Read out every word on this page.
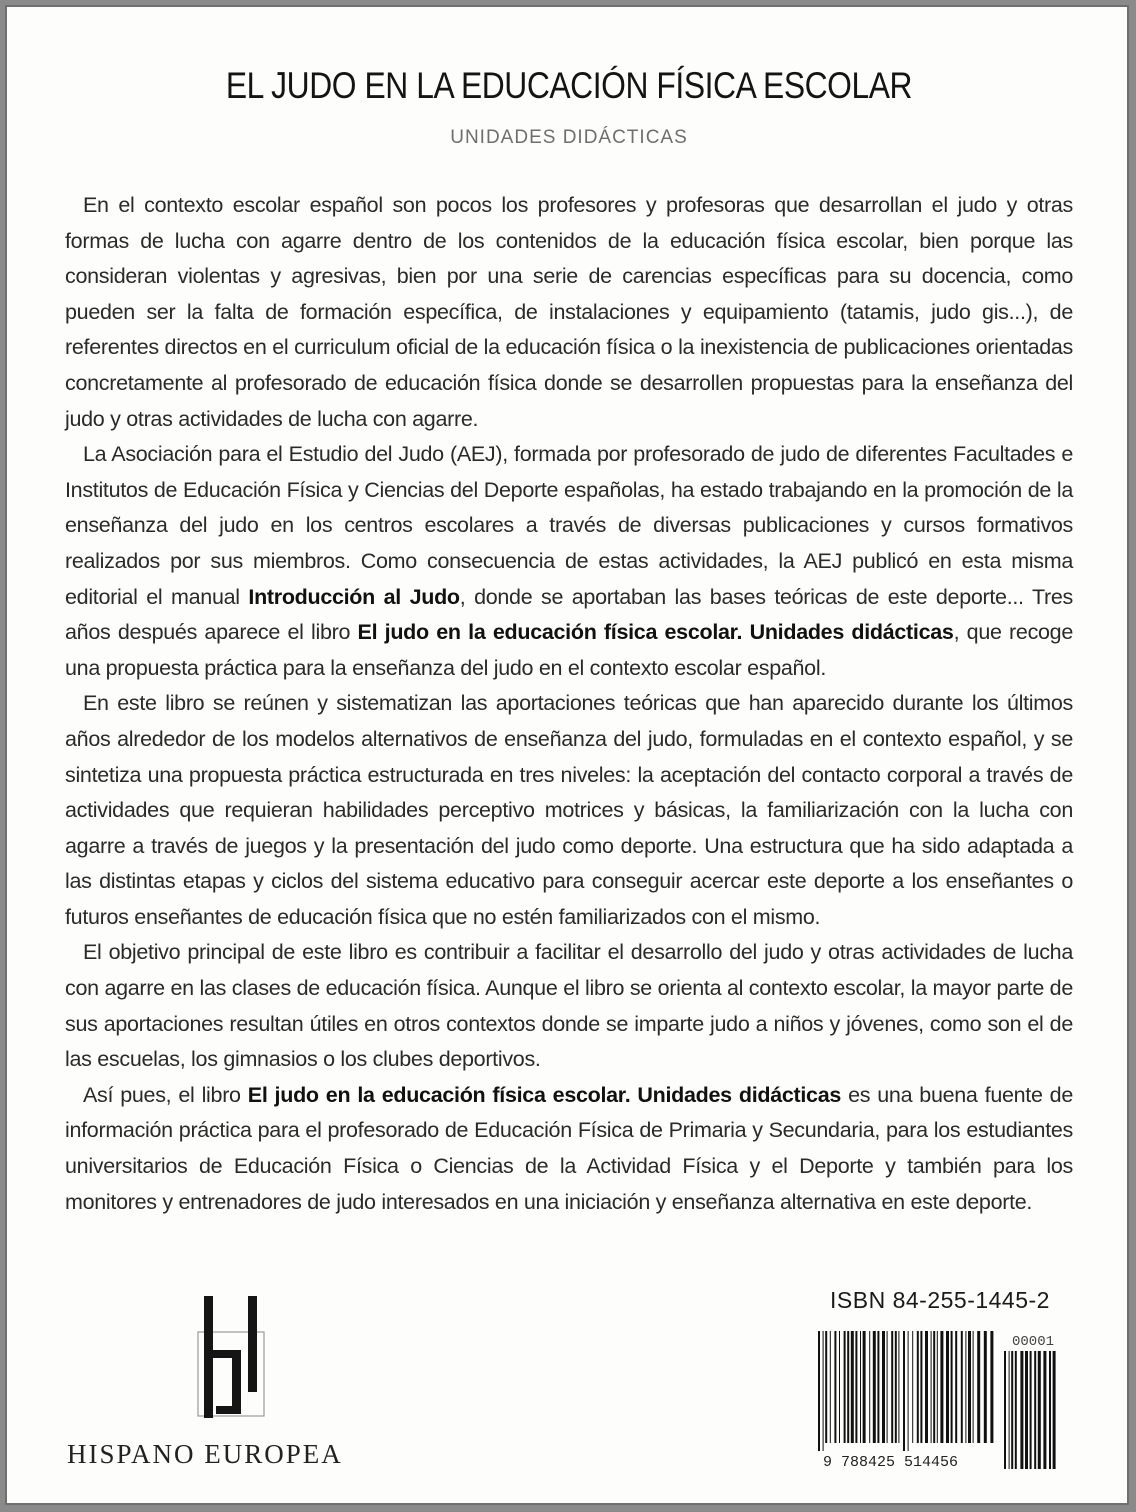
EL JUDO EN LA EDUCACIÓN FÍSICA ESCOLAR
UNIDADES DIDÁCTICAS

En el contexto escolar español son pocos los profesores y profesoras que desarrollan el judo y otras formas de lucha con agarre dentro de los contenidos de la educación física escolar, bien porque las consideran violentas y agresivas, bien por una serie de carencias específicas para su docencia, como pueden ser la falta de formación específica, de instalaciones y equipamiento (tatamis, judo gis...), de referentes directos en el curriculum oficial de la educación física o la inexistencia de publicaciones orientadas concretamente al profesorado de educación física donde se desarrollen propuestas para la enseñanza del judo y otras actividades de lucha con agarre.

La Asociación para el Estudio del Judo (AEJ), formada por profesorado de judo de diferentes Facultades e Institutos de Educación Física y Ciencias del Deporte españolas, ha estado trabajando en la promoción de la enseñanza del judo en los centros escolares a través de diversas publicaciones y cursos formativos realizados por sus miembros. Como consecuencia de estas actividades, la AEJ publicó en esta misma editorial el manual Introducción al Judo, donde se aportaban las bases teóricas de este deporte... Tres años después aparece el libro El judo en la educación física escolar. Unidades didácticas, que recoge una propuesta práctica para la enseñanza del judo en el contexto escolar español.

En este libro se reúnen y sistematizan las aportaciones teóricas que han aparecido durante los últimos años alrededor de los modelos alternativos de enseñanza del judo, formuladas en el contexto español, y se sintetiza una propuesta práctica estructurada en tres niveles: la aceptación del contacto corporal a través de actividades que requieran habilidades perceptivo motrices y básicas, la familiarización con la lucha con agarre a través de juegos y la presentación del judo como deporte. Una estructura que ha sido adaptada a las distintas etapas y ciclos del sistema educativo para conseguir acercar este deporte a los enseñantes o futuros enseñantes de educación física que no estén familiarizados con el mismo.

El objetivo principal de este libro es contribuir a facilitar el desarrollo del judo y otras actividades de lucha con agarre en las clases de educación física. Aunque el libro se orienta al contexto escolar, la mayor parte de sus aportaciones resultan útiles en otros contextos donde se imparte judo a niños y jóvenes, como son el de las escuelas, los gimnasios o los clubes deportivos.

Así pues, el libro El judo en la educación física escolar. Unidades didácticas es una buena fuente de información práctica para el profesorado de Educación Física de Primaria y Secundaria, para los estudiantes universitarios de Educación Física o Ciencias de la Actividad Física y el Deporte y también para los monitores y entrenadores de judo interesados en una iniciación y enseñanza alternativa en este deporte.

HISPANO EUROPEA
ISBN 84-255-1445-2
9 788425 514456
00001
